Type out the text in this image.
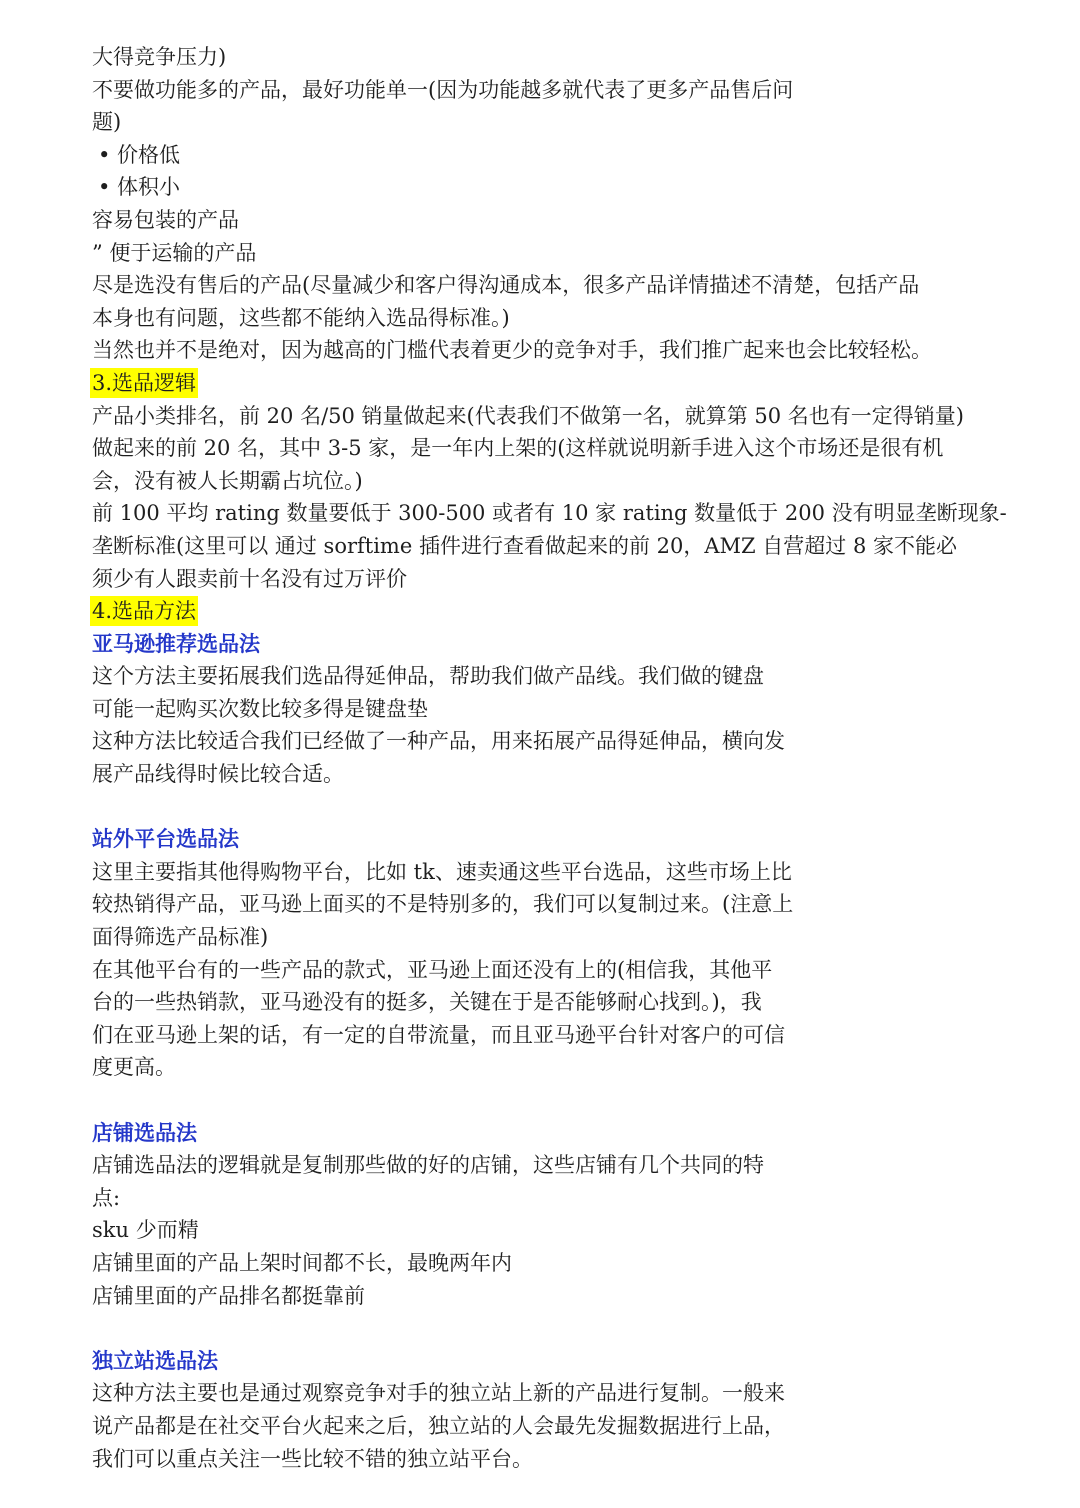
大得竞争压力)
不要做功能多的产品，最好功能单一(因为功能越多就代表了更多产品售后问
题)
• 价格低
• 体积小
容易包装的产品
” 便于运输的产品
尽是选没有售后的产品(尽量减少和客户得沟通成本，很多产品详情描述不清楚，包括产品
本身也有问题，这些都不能纳入选品得标准。)
当然也并不是绝对，因为越高的门槛代表着更少的竞争对手，我们推广起来也会比较轻松。
3.选品逻辑
产品小类排名，前 20 名/50 销量做起来(代表我们不做第一名，就算第 50 名也有一定得销量)
做起来的前 20 名，其中 3-5 家，是一年内上架的(这样就说明新手进入这个市场还是很有机
会，没有被人长期霸占坑位。)
前 100 平均 rating 数量要低于 300-500 或者有 10 家 rating 数量低于 200 没有明显垄断现象-
垄断标准(这里可以 通过 sorftime 插件进行查看做起来的前 20，AMZ 自营超过 8 家不能必
须少有人跟卖前十名没有过万评价
4.选品方法
亚马逊推荐选品法
这个方法主要拓展我们选品得延伸品，帮助我们做产品线。我们做的键盘
可能一起购买次数比较多得是键盘垫
这种方法比较适合我们已经做了一种产品，用来拓展产品得延伸品，横向发
展产品线得时候比较合适。
站外平台选品法
这里主要指其他得购物平台，比如 tk、速卖通这些平台选品，这些市场上比
较热销得产品，亚马逊上面买的不是特别多的，我们可以复制过来。(注意上
面得筛选产品标准)
在其他平台有的一些产品的款式，亚马逊上面还没有上的(相信我，其他平
台的一些热销款，亚马逊没有的挺多，关键在于是否能够耐心找到。)，我
们在亚马逊上架的话，有一定的自带流量，而且亚马逊平台针对客户的可信
度更高。
店铺选品法
店铺选品法的逻辑就是复制那些做的好的店铺，这些店铺有几个共同的特
点:
sku 少而精
店铺里面的产品上架时间都不长，最晚两年内
店铺里面的产品排名都挺靠前
独立站选品法
这种方法主要也是通过观察竞争对手的独立站上新的产品进行复制。一般来
说产品都是在社交平台火起来之后，独立站的人会最先发掘数据进行上品，
我们可以重点关注一些比较不错的独立站平台。
